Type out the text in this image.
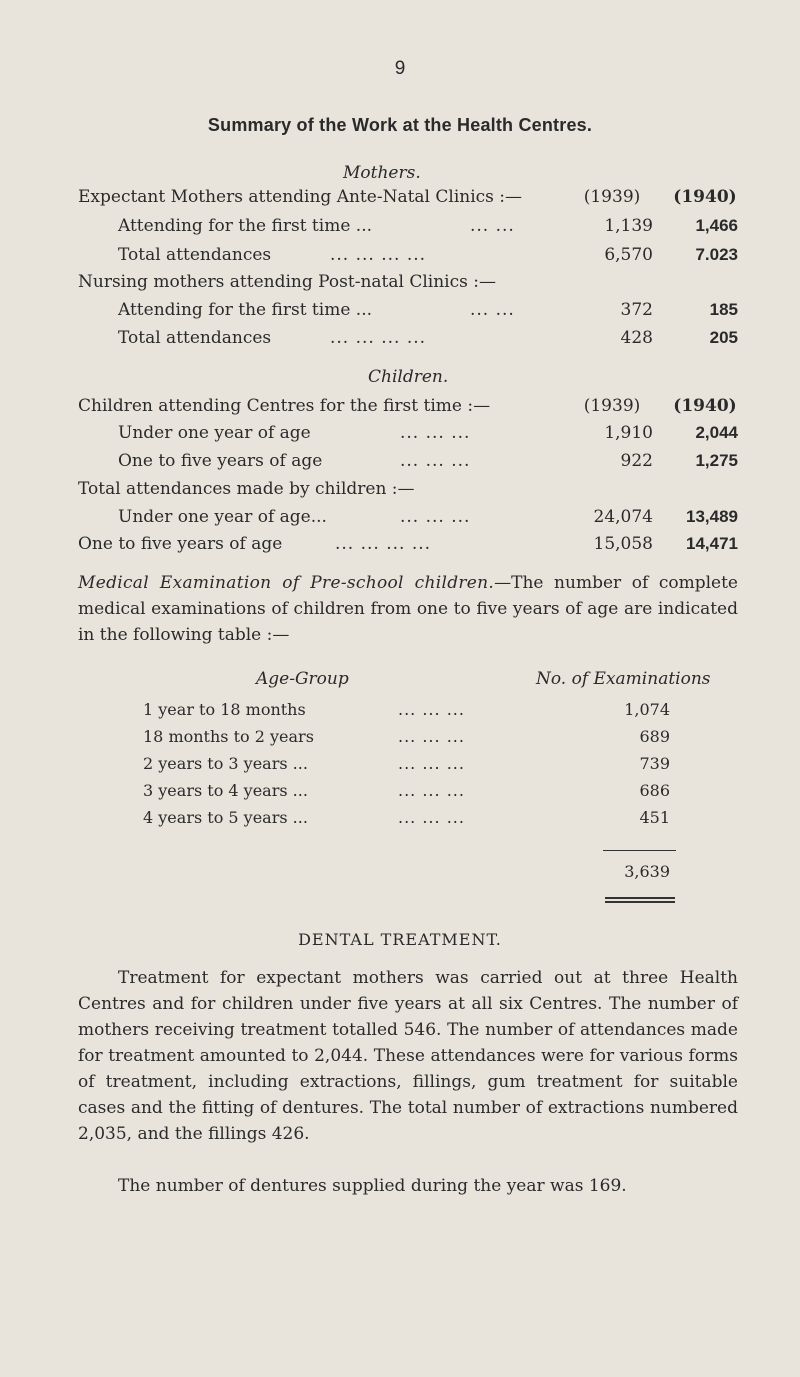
9
Summary of the Work at the Health Centres.
Mothers.
Expectant Mothers attending Ante-Natal Clinics :—	(1939)	(1940)
Attending for the first time ...	... ...	1,139	1,466
Total attendances	... ... ... ...	6,570	7.023
Nursing mothers attending Post-natal Clinics :—
Attending for the first time ...	... ...	372	185
Total attendances	... ... ... ...	428	205
Children.
Children attending Centres for the first time :—	(1939)	(1940)
Under one year of age	... ... ...	1,910	2,044
One to five years of age	... ... ...	922	1,275
Total attendances made by children :—
Under one year of age...	... ... ...	24,074	13,489
One to five years of age	... ... ... ...	15,058	14,471
Medical Examination of Pre-school children.—The number of complete medical examinations of children from one to five years of age are indicated in the following table :—
Age-Group	No. of Examinations
1 year to 18 months	... ... ...	1,074
18 months to 2 years	... ... ...	689
2 years to 3 years ...	... ... ...	739
3 years to 4 years ...	... ... ...	686
4 years to 5 years ...	... ... ...	451
3,639
DENTAL TREATMENT.
Treatment for expectant mothers was carried out at three Health Centres and for children under five years at all six Centres. The number of mothers receiving treatment totalled 546. The number of attendances made for treatment amounted to 2,044. These attendances were for various forms of treatment, including extractions, fillings, gum treatment for suitable cases and the fitting of dentures. The total number of extractions numbered 2,035, and the fillings 426.
The number of dentures supplied during the year was 169.
